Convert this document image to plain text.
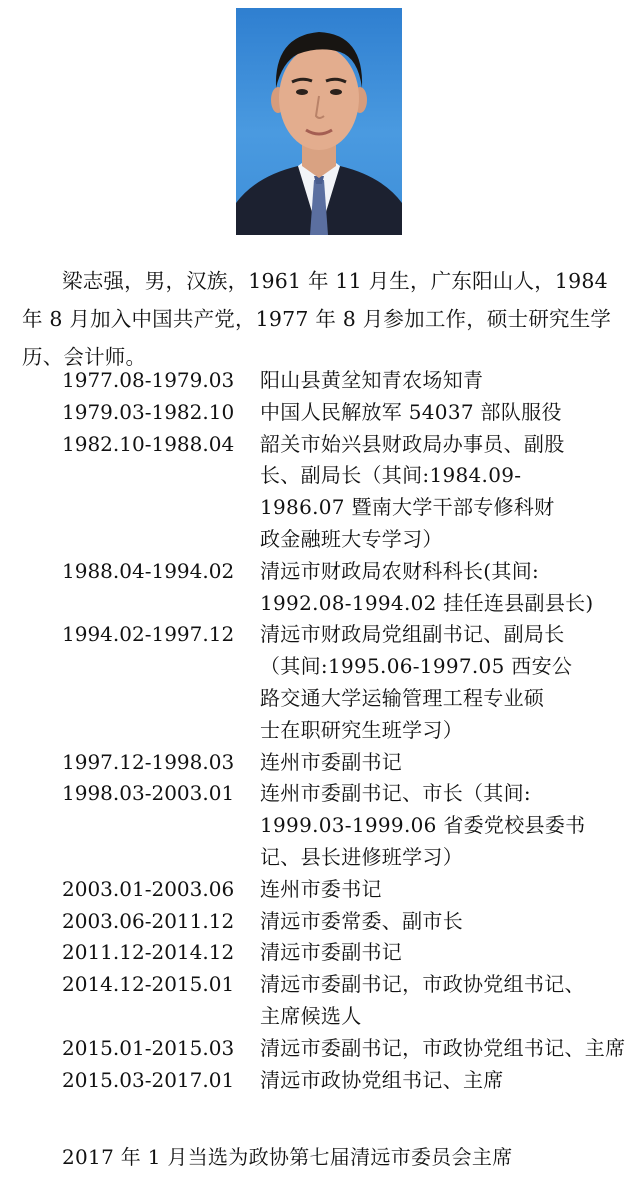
梁志强，男，汉族，1961 年 11 月生，广东阳山人，1984 年 8 月加入中国共产党，1977 年 8 月参加工作，硕士研究生学历、会计师。
1977.08-1979.03	阳山县黄坌知青农场知青
1979.03-1982.10	中国人民解放军 54037 部队服役
1982.10-1988.04	韶关市始兴县财政局办事员、副股
长、副局长（其间:1984.09-
1986.07 暨南大学干部专修科财
政金融班大专学习）
1988.04-1994.02	清远市财政局农财科科长(其间:
1992.08-1994.02 挂任连县副县长)
1994.02-1997.12	清远市财政局党组副书记、副局长
（其间:1995.06-1997.05 西安公
路交通大学运输管理工程专业硕
士在职研究生班学习）
1997.12-1998.03	连州市委副书记
1998.03-2003.01	连州市委副书记、市长（其间:
1999.03-1999.06 省委党校县委书
记、县长进修班学习）
2003.01-2003.06	连州市委书记
2003.06-2011.12	清远市委常委、副市长
2011.12-2014.12	清远市委副书记
2014.12-2015.01	清远市委副书记，市政协党组书记、
主席候选人
2015.01-2015.03	清远市委副书记，市政协党组书记、主席
2015.03-2017.01	清远市政协党组书记、主席
2017 年 1 月当选为政协第七届清远市委员会主席
